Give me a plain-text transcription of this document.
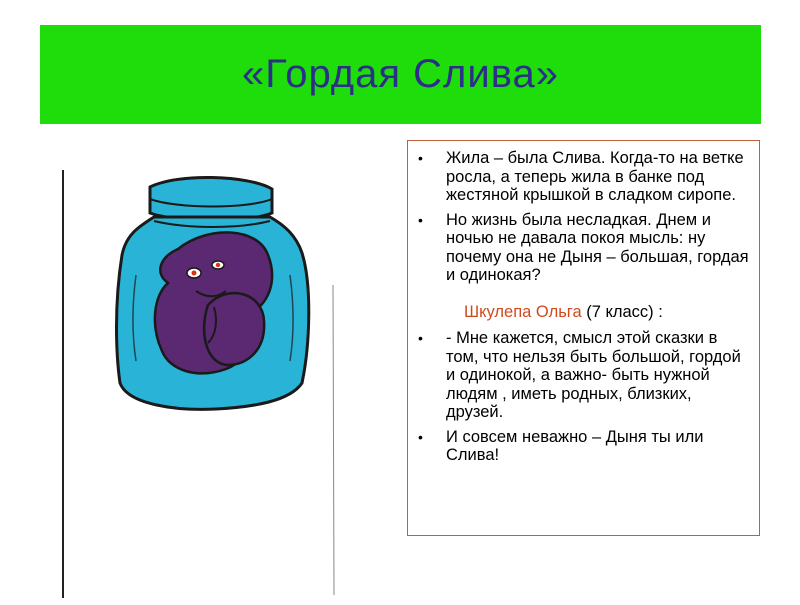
«Гордая Слива»
•	Жила – была Слива. Когда-то на ветке росла, а теперь жила в банке под жестяной крышкой в сладком сиропе.
•	Но жизнь была несладкая. Днем и ночью не давала покоя мысль: ну почему она не Дыня – большая, гордая и одинокая?
Шкулепа Ольга (7 класс) :
•	- Мне кажется, смысл этой сказки в том, что нельзя быть большой, гордой и одинокой, а важно- быть нужной людям , иметь родных, близких, друзей.
•	И совсем неважно – Дыня ты или Слива!
